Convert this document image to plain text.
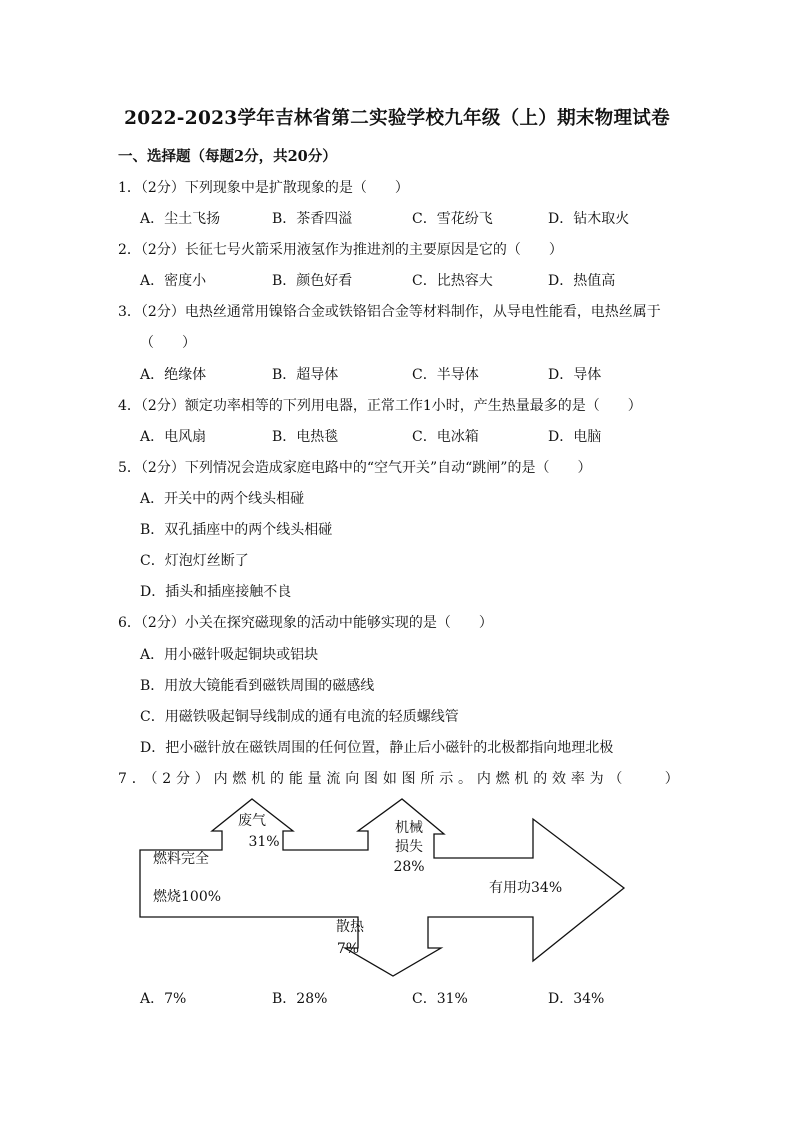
2022-2023学年吉林省第二实验学校九年级（上）期末物理试卷
一、选择题（每题2分，共20分）
1．（2分）下列现象中是扩散现象的是（　　）
A．尘土飞扬	B．茶香四溢	C．雪花纷飞	D．钻木取火
2．（2分）长征七号火箭采用液氢作为推进剂的主要原因是它的（　　）
A．密度小	B．颜色好看	C．比热容大	D．热值高
3．（2分）电热丝通常用镍铬合金或铁铬铝合金等材料制作，从导电性能看，电热丝属于
（　　）
A．绝缘体	B．超导体	C．半导体	D．导体
4．（2分）额定功率相等的下列用电器，正常工作1小时，产生热量最多的是（　　）
A．电风扇	B．电热毯	C．电冰箱	D．电脑
5．（2分）下列情况会造成家庭电路中的“空气开关”自动“跳闸”的是（　　）
A．开关中的两个线头相碰
B．双孔插座中的两个线头相碰
C．灯泡灯丝断了
D．插头和插座接触不良
6．（2分）小关在探究磁现象的活动中能够实现的是（　　）
A．用小磁针吸起铜块或铝块
B．用放大镜能看到磁铁周围的磁感线
C．用磁铁吸起铜导线制成的通有电流的轻质螺线管
D．把小磁针放在磁铁周围的任何位置，静止后小磁针的北极都指向地理北极
7．（2分）内燃机的能量流向图如图所示。内燃机的效率为（　　）
燃料完全
燃烧100%
废气
31%
机械
损失
28%
有用功34%
散热
7%
A．7%	B．28%	C．31%	D．34%
